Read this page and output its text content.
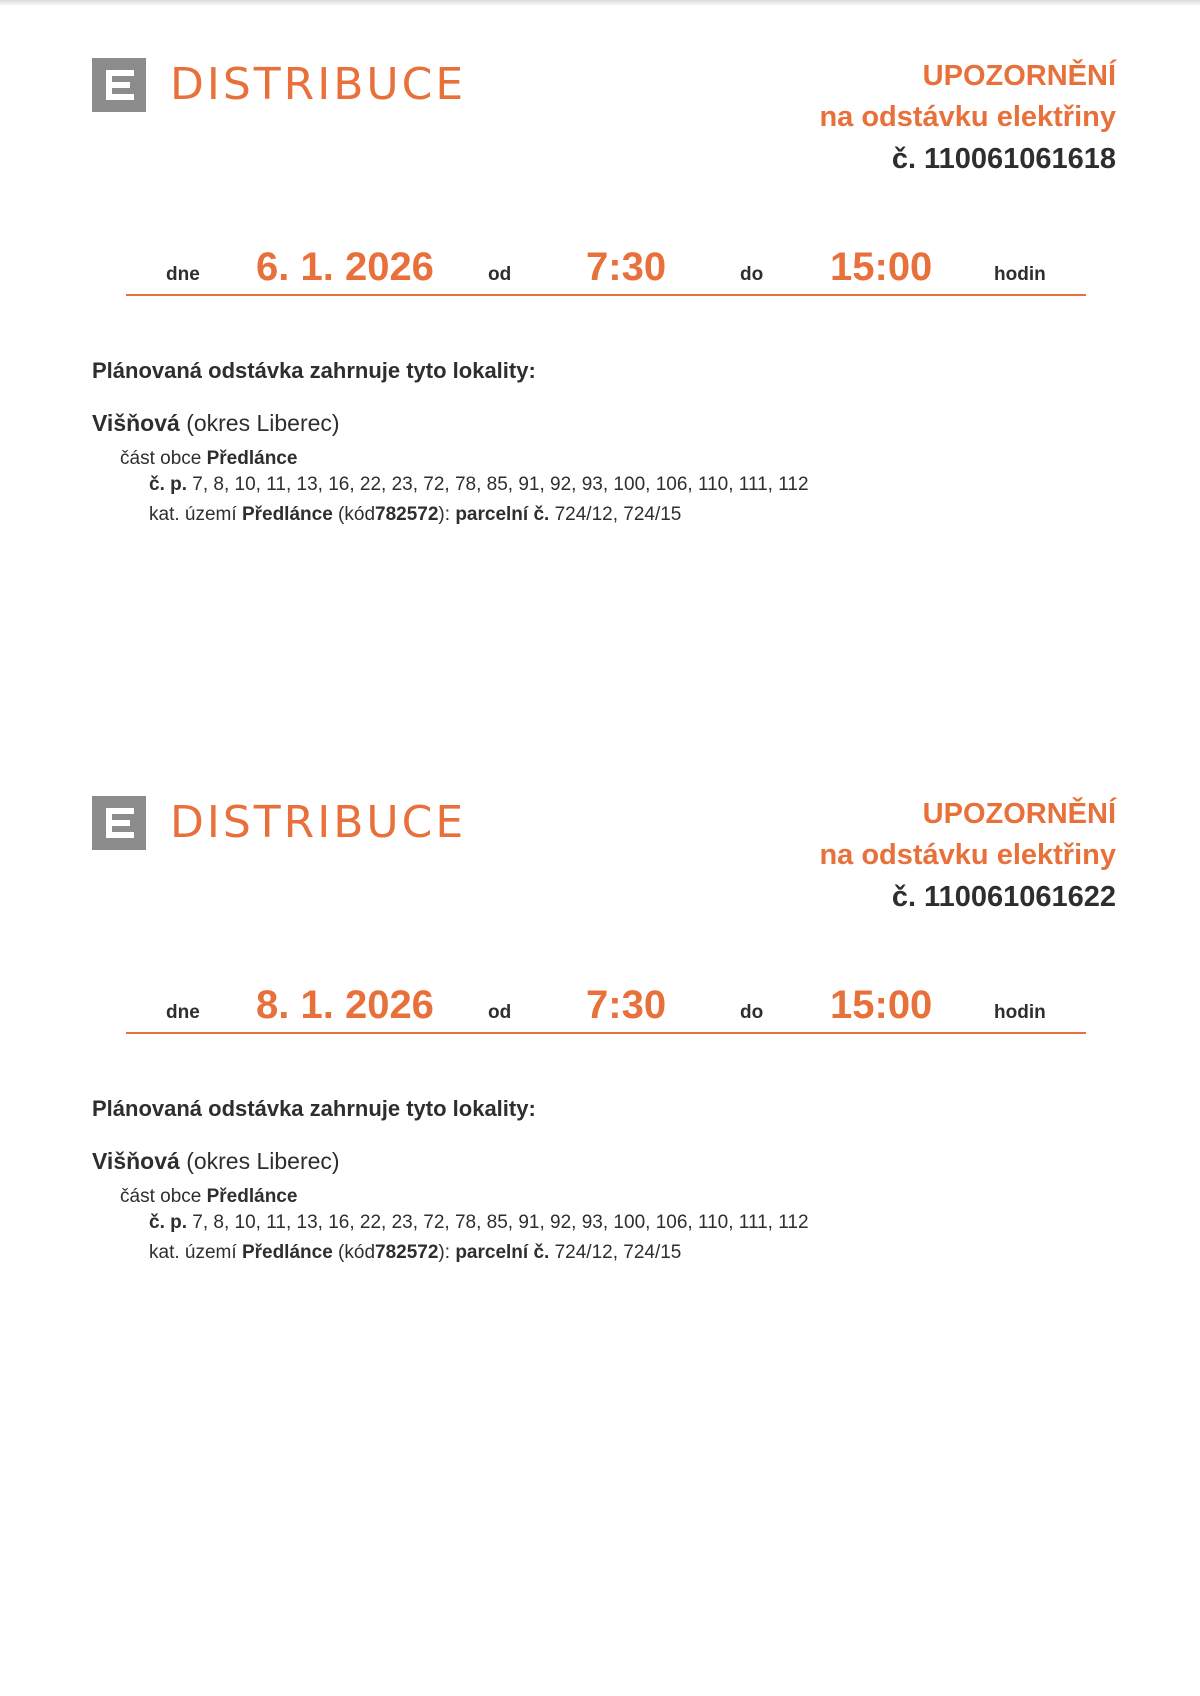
DISTRIBUCE	UPOZORNĚNÍ
na odstávku elektřiny
č. 110061061618
dne 6. 1. 2026	od 7:30	do 15:00	hodin
Plánovaná odstávka zahrnuje tyto lokality:
Višňová (okres Liberec)
část obce Předlánce
č. p. 7, 8, 10, 11, 13, 16, 22, 23, 72, 78, 85, 91, 92, 93, 100, 106, 110, 111, 112
kat. území Předlánce (kód782572): parcelní č. 724/12, 724/15
DISTRIBUCE	UPOZORNĚNÍ
na odstávku elektřiny
č. 110061061622
dne 8. 1. 2026	od 7:30	do 15:00	hodin
Plánovaná odstávka zahrnuje tyto lokality:
Višňová (okres Liberec)
část obce Předlánce
č. p. 7, 8, 10, 11, 13, 16, 22, 23, 72, 78, 85, 91, 92, 93, 100, 106, 110, 111, 112
kat. území Předlánce (kód782572): parcelní č. 724/12, 724/15
